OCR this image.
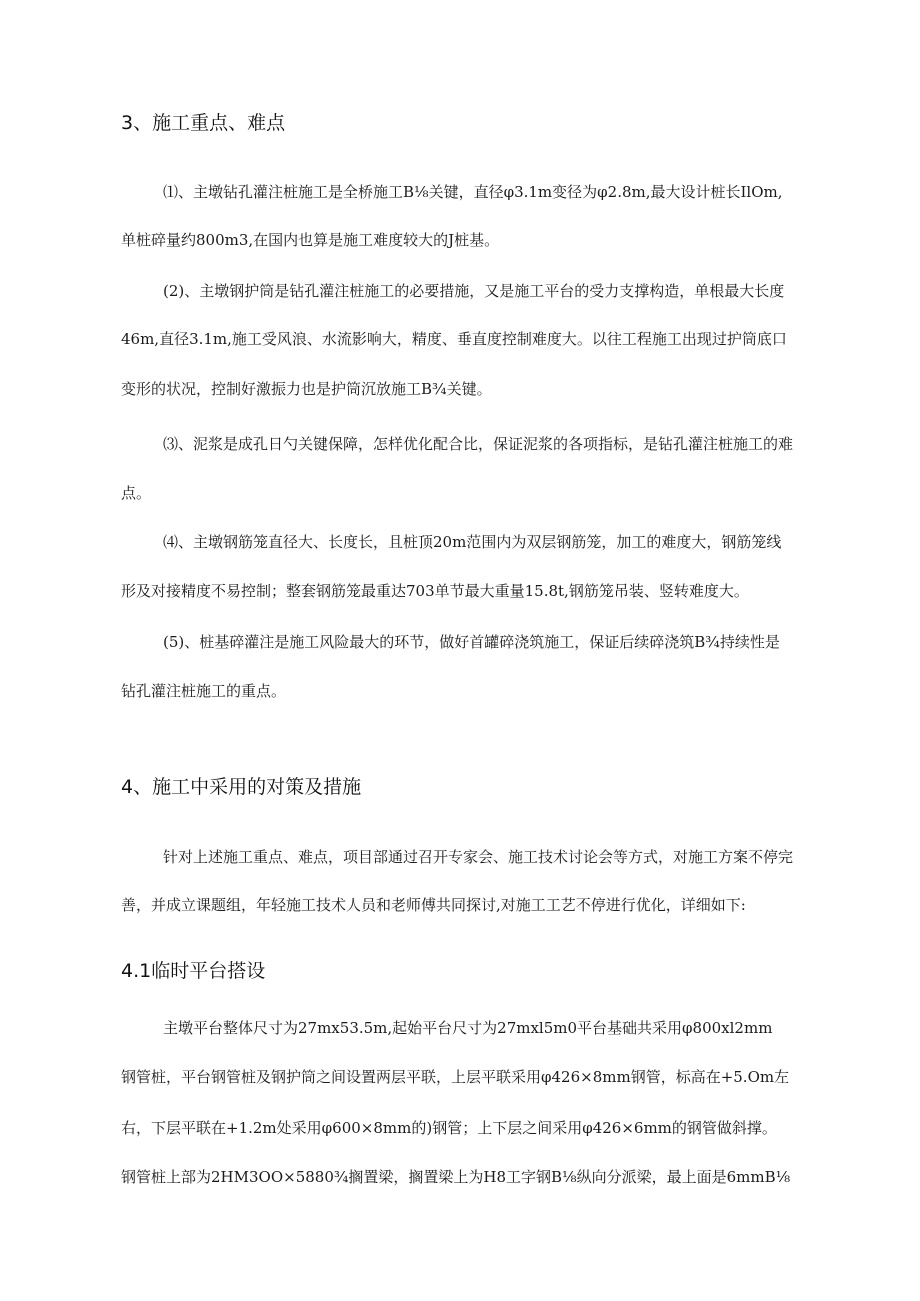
3、施工重点、难点

⑴、主墩钻孔灌注桩施工是全桥施工B⅛关键，直径φ3.1m变径为φ2.8m,最大设计桩长IlOm,

单桩碎量约800m3,在国内也算是施工难度较大的J桩基。

(2)、主墩钢护筒是钻孔灌注桩施工的必要措施，又是施工平台的受力支撑构造，单根最大长度

46m,直径3.1m,施工受风浪、水流影响大，精度、垂直度控制难度大。以往工程施工出现过护筒底口

变形的状况，控制好激振力也是护筒沉放施工B¾关键。

⑶、泥浆是成孔日勺关键保障，怎样优化配合比，保证泥浆的各项指标，是钻孔灌注桩施工的难

点。

⑷、主墩钢筋笼直径大、长度长，且桩顶20m范围内为双层钢筋笼，加工的难度大，钢筋笼线

形及对接精度不易控制；整套钢筋笼最重达703单节最大重量15.8t,钢筋笼吊装、竖转难度大。

(5)、桩基碎灌注是施工风险最大的环节，做好首罐碎浇筑施工，保证后续碎浇筑B¾持续性是

钻孔灌注桩施工的重点。

4、施工中采用的对策及措施

针对上述施工重点、难点，项目部通过召开专家会、施工技术讨论会等方式，对施工方案不停完

善，并成立课题组，年轻施工技术人员和老师傅共同探讨,对施工工艺不停进行优化，详细如下:

4.1临时平台搭设

主墩平台整体尺寸为27mx53.5m,起始平台尺寸为27mxl5m0平台基础共采用φ800xl2mm

钢管桩，平台钢管桩及钢护筒之间设置两层平联，上层平联采用φ426×8mm钢管，标高在+5.Om左

右，下层平联在+1.2m处采用φ600×8mm的)钢管；上下层之间采用φ426×6mm的钢管做斜撑。

钢管桩上部为2HM3OO×5880¾搁置梁，搁置梁上为H8工字钢B⅛纵向分派梁，最上面是6mmB⅛
